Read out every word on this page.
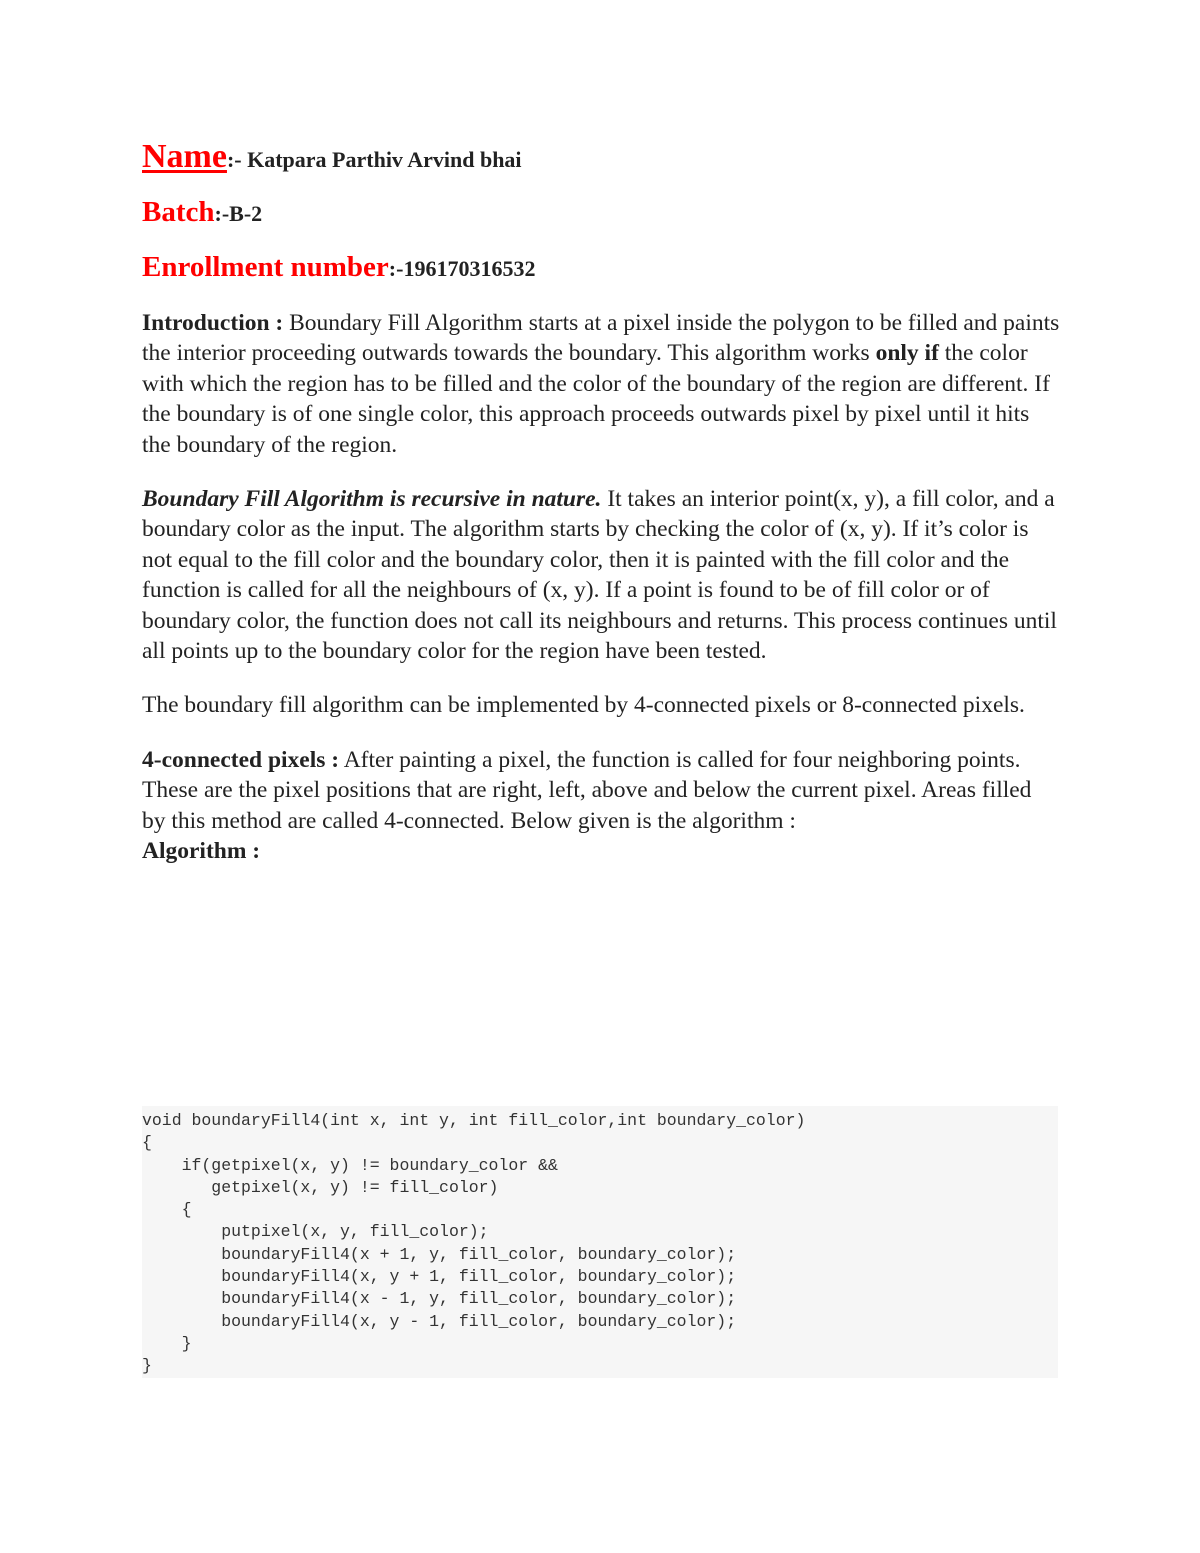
Name:- Katpara Parthiv Arvind bhai
Batch:-B-2
Enrollment number:-196170316532

Introduction : Boundary Fill Algorithm starts at a pixel inside the polygon to be filled and paints the interior proceeding outwards towards the boundary. This algorithm works only if the color with which the region has to be filled and the color of the boundary of the region are different. If the boundary is of one single color, this approach proceeds outwards pixel by pixel until it hits the boundary of the region.

Boundary Fill Algorithm is recursive in nature. It takes an interior point(x, y), a fill color, and a boundary color as the input. The algorithm starts by checking the color of (x, y). If it’s color is not equal to the fill color and the boundary color, then it is painted with the fill color and the function is called for all the neighbours of (x, y). If a point is found to be of fill color or of boundary color, the function does not call its neighbours and returns. This process continues until all points up to the boundary color for the region have been tested.

The boundary fill algorithm can be implemented by 4-connected pixels or 8-connected pixels.

4-connected pixels : After painting a pixel, the function is called for four neighboring points. These are the pixel positions that are right, left, above and below the current pixel. Areas filled by this method are called 4-connected. Below given is the algorithm :

Algorithm :

void boundaryFill4(int x, int y, int fill_color,int boundary_color)
{
if(getpixel(x, y) != boundary_color &&
getpixel(x, y) != fill_color)
{
putpixel(x, y, fill_color);
boundaryFill4(x + 1, y, fill_color, boundary_color);
boundaryFill4(x, y + 1, fill_color, boundary_color);
boundaryFill4(x - 1, y, fill_color, boundary_color);
boundaryFill4(x, y - 1, fill_color, boundary_color);
}
}
